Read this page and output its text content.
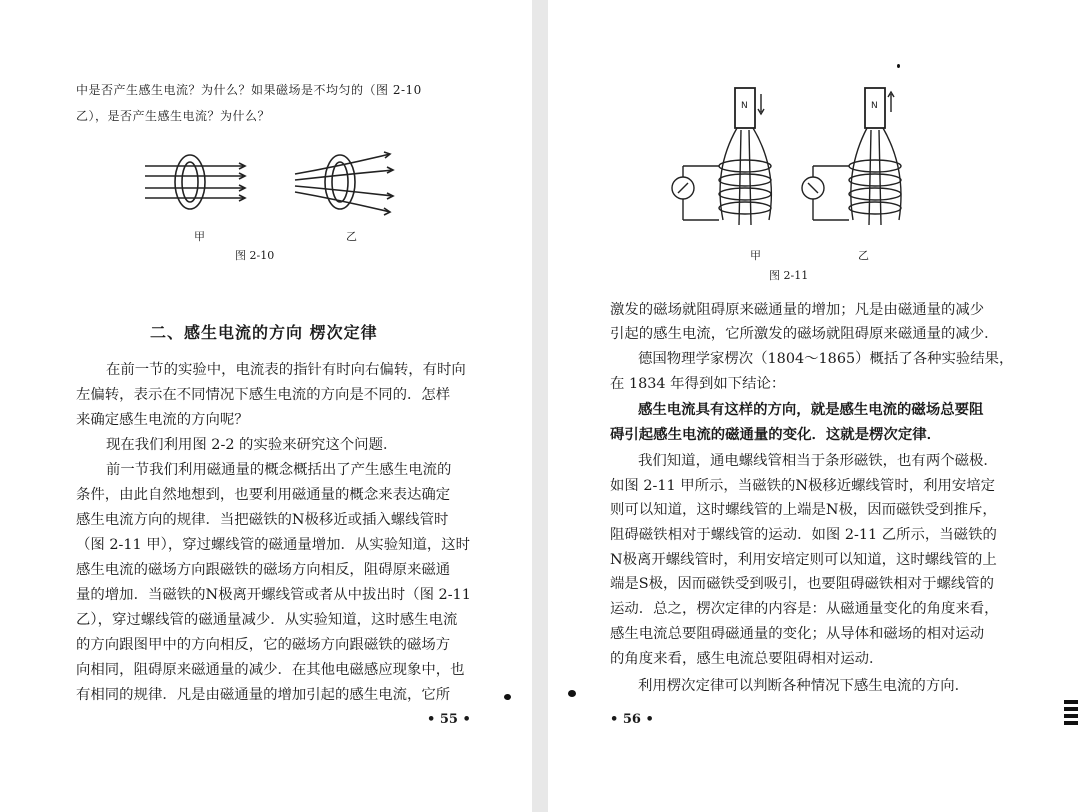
中是否产生感生电流？为什么？如果磁场是不均匀的（图 2-10
乙），是否产生感生电流？为什么？
甲	乙
图 2-10
二、感生电流的方向 楞次定律
在前一节的实验中，电流表的指针有时向右偏转，有时向
左偏转，表示在不同情况下感生电流的方向是不同的．怎样
来确定感生电流的方向呢？
现在我们利用图 2-2 的实验来研究这个问题．
前一节我们利用磁通量的概念概括出了产生感生电流的
条件，由此自然地想到，也要利用磁通量的概念来表达确定
感生电流方向的规律．当把磁铁的N极移近或插入螺线管时
（图 2-11 甲），穿过螺线管的磁通量增加．从实验知道，这时
感生电流的磁场方向跟磁铁的磁场方向相反，阻碍原来磁通
量的增加．当磁铁的N极离开螺线管或者从中拔出时（图 2-11
乙），穿过螺线管的磁通量减少．从实验知道，这时感生电流
的方向跟图甲中的方向相反，它的磁场方向跟磁铁的磁场方
向相同，阻碍原来磁通量的减少．在其他电磁感应现象中，也
有相同的规律．凡是由磁通量的增加引起的感生电流，它所
• 55 •
N	N
甲	乙
图 2-11
激发的磁场就阻碍原来磁通量的增加；凡是由磁通量的减少
引起的感生电流，它所激发的磁场就阻碍原来磁通量的减少．
德国物理学家楞次（1804～1865）概括了各种实验结果，
在 1834 年得到如下结论：
感生电流具有这样的方向，就是感生电流的磁场总要阻
碍引起感生电流的磁通量的变化．这就是楞次定律．
我们知道，通电螺线管相当于条形磁铁，也有两个磁极．
如图 2-11 甲所示，当磁铁的N极移近螺线管时，利用安培定
则可以知道，这时螺线管的上端是N极，因而磁铁受到推斥，
阻碍磁铁相对于螺线管的运动．如图 2-11 乙所示，当磁铁的
N极离开螺线管时，利用安培定则可以知道，这时螺线管的上
端是S极，因而磁铁受到吸引，也要阻碍磁铁相对于螺线管的
运动．总之，楞次定律的内容是：从磁通量变化的角度来看，
感生电流总要阻碍磁通量的变化；从导体和磁场的相对运动
的角度来看，感生电流总要阻碍相对运动．
利用楞次定律可以判断各种情况下感生电流的方向．
• 56 •
